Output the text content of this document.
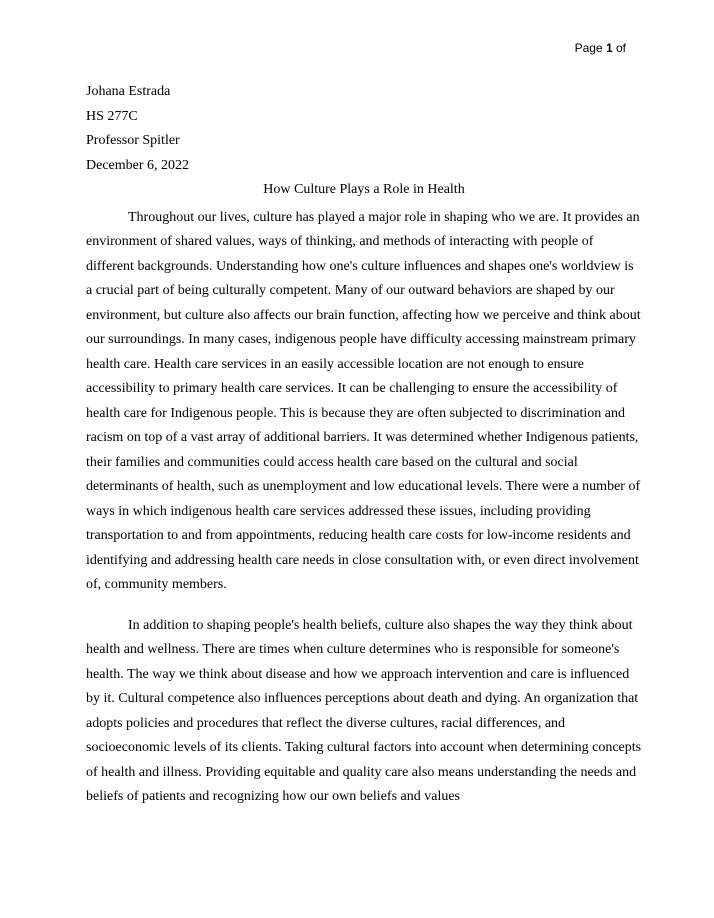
Page 1 of

Johana Estrada

HS 277C

Professor Spitler

December 6, 2022

How Culture Plays a Role in Health

Throughout our lives, culture has played a major role in shaping who we are. It provides an environment of shared values, ways of thinking, and methods of interacting with people of different backgrounds. Understanding how one's culture influences and shapes one's worldview is a crucial part of being culturally competent. Many of our outward behaviors are shaped by our environment, but culture also affects our brain function, affecting how we perceive and think about our surroundings. In many cases, indigenous people have difficulty accessing mainstream primary health care. Health care services in an easily accessible location are not enough to ensure accessibility to primary health care services. It can be challenging to ensure the accessibility of health care for Indigenous people. This is because they are often subjected to discrimination and racism on top of a vast array of additional barriers. It was determined whether Indigenous patients, their families and communities could access health care based on the cultural and social determinants of health, such as unemployment and low educational levels. There were a number of ways in which indigenous health care services addressed these issues, including providing transportation to and from appointments, reducing health care costs for low-income residents and identifying and addressing health care needs in close consultation with, or even direct involvement of, community members.

In addition to shaping people's health beliefs, culture also shapes the way they think about health and wellness. There are times when culture determines who is responsible for someone's health. The way we think about disease and how we approach intervention and care is influenced by it. Cultural competence also influences perceptions about death and dying. An organization that adopts policies and procedures that reflect the diverse cultures, racial differences, and socioeconomic levels of its clients. Taking cultural factors into account when determining concepts of health and illness. Providing equitable and quality care also means understanding the needs and beliefs of patients and recognizing how our own beliefs and values
